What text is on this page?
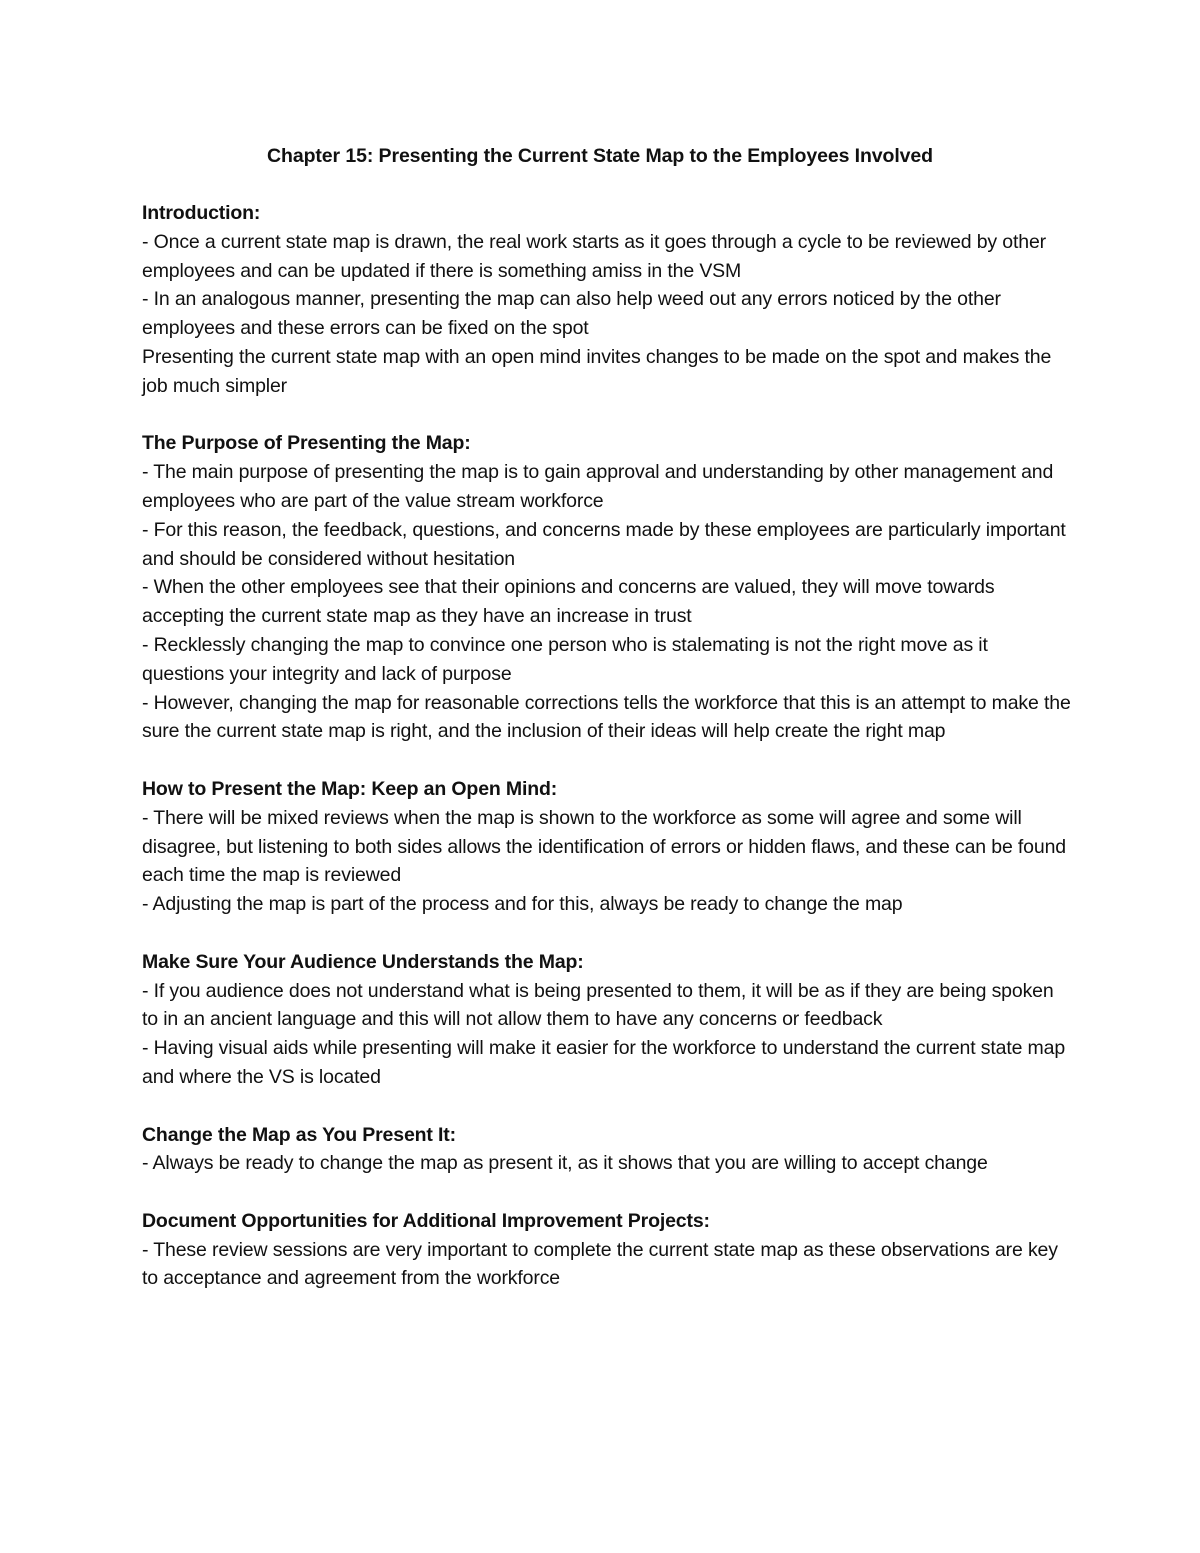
Chapter 15: Presenting the Current State Map to the Employees Involved

Introduction:

- Once a current state map is drawn, the real work starts as it goes through a cycle to be reviewed by other employees and can be updated if there is something amiss in the VSM

- In an analogous manner, presenting the map can also help weed out any errors noticed by the other employees and these errors can be fixed on the spot

Presenting the current state map with an open mind invites changes to be made on the spot and makes the job much simpler

The Purpose of Presenting the Map:

- The main purpose of presenting the map is to gain approval and understanding by other management and employees who are part of the value stream workforce

- For this reason, the feedback, questions, and concerns made by these employees are particularly important and should be considered without hesitation

- When the other employees see that their opinions and concerns are valued, they will move towards accepting the current state map as they have an increase in trust

- Recklessly changing the map to convince one person who is stalemating is not the right move as it questions your integrity and lack of purpose

- However, changing the map for reasonable corrections tells the workforce that this is an attempt to make the sure the current state map is right, and the inclusion of their ideas will help create the right map

How to Present the Map: Keep an Open Mind:

- There will be mixed reviews when the map is shown to the workforce as some will agree and some will disagree, but listening to both sides allows the identification of errors or hidden flaws, and these can be found each time the map is reviewed

- Adjusting the map is part of the process and for this, always be ready to change the map

Make Sure Your Audience Understands the Map:

- If you audience does not understand what is being presented to them, it will be as if they are being spoken to in an ancient language and this will not allow them to have any concerns or feedback

- Having visual aids while presenting will make it easier for the workforce to understand the current state map and where the VS is located

Change the Map as You Present It:

- Always be ready to change the map as present it, as it shows that you are willing to accept change

Document Opportunities for Additional Improvement Projects:

- These review sessions are very important to complete the current state map as these observations are key to acceptance and agreement from the workforce
